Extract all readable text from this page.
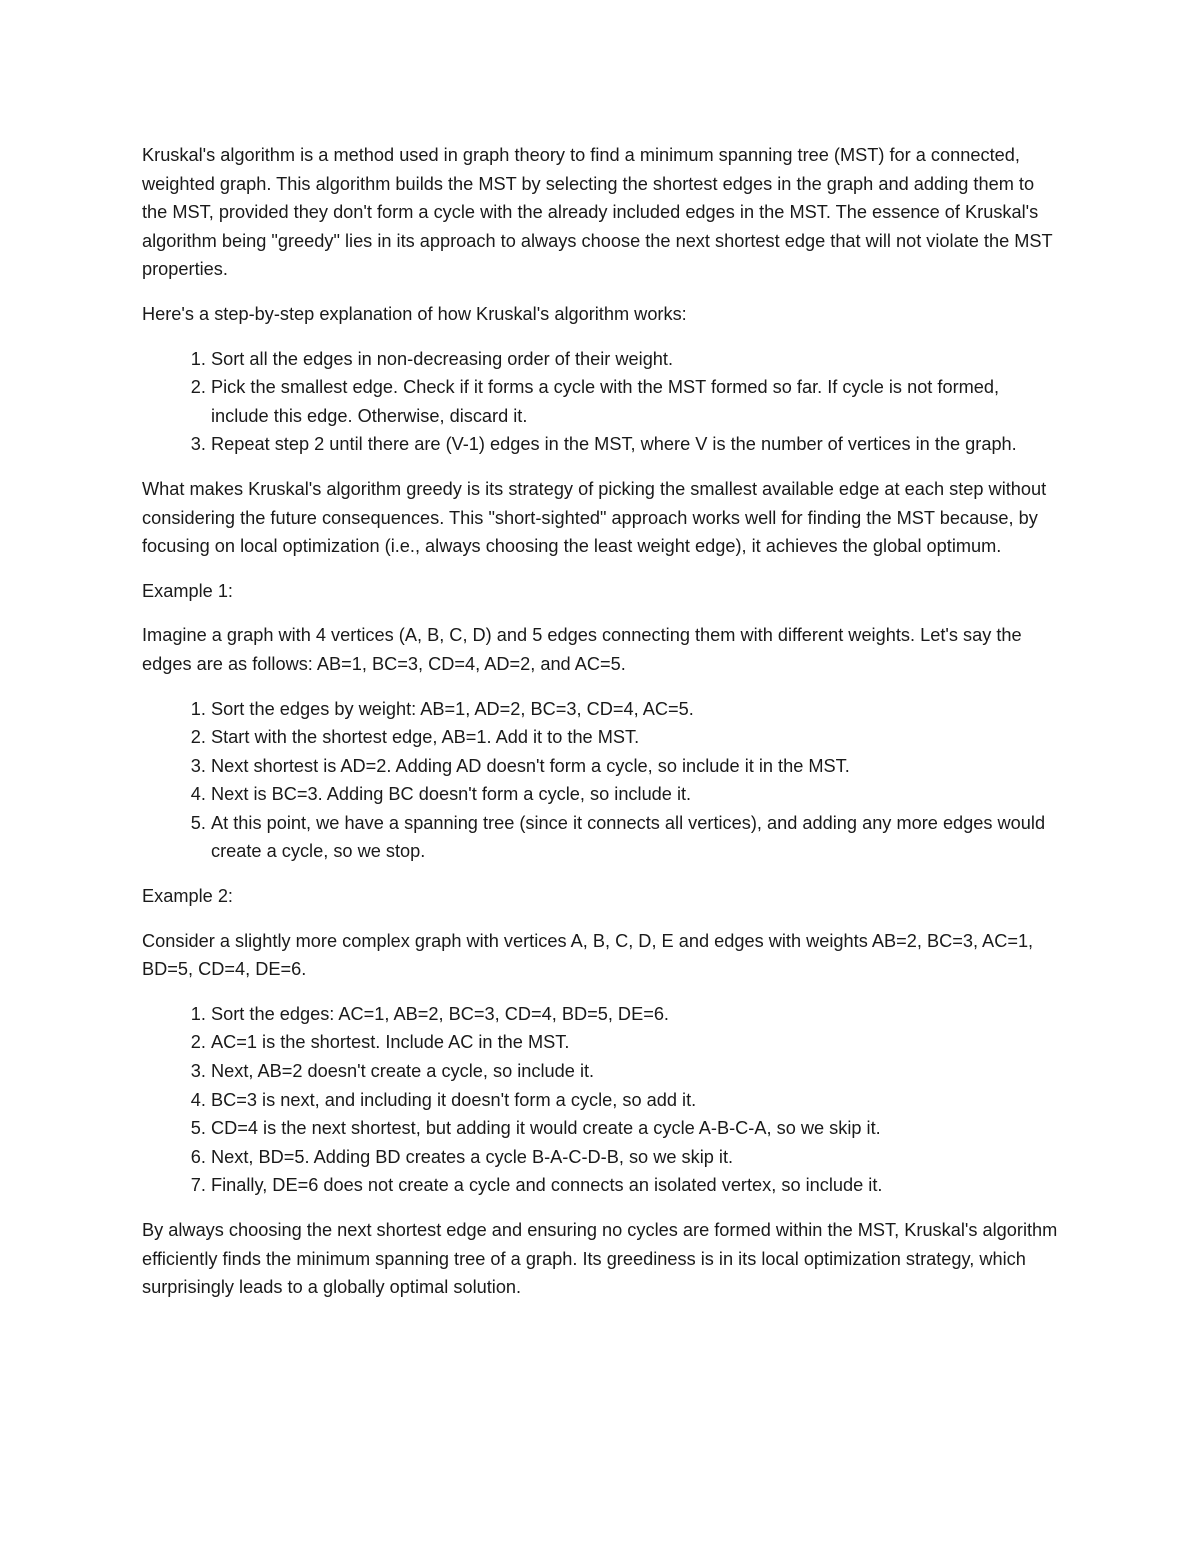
Kruskal's algorithm is a method used in graph theory to find a minimum spanning tree (MST) for a connected, weighted graph. This algorithm builds the MST by selecting the shortest edges in the graph and adding them to the MST, provided they don't form a cycle with the already included edges in the MST. The essence of Kruskal's algorithm being "greedy" lies in its approach to always choose the next shortest edge that will not violate the MST properties.

Here's a step-by-step explanation of how Kruskal's algorithm works:

1. Sort all the edges in non-decreasing order of their weight.
2. Pick the smallest edge. Check if it forms a cycle with the MST formed so far. If cycle is not formed, include this edge. Otherwise, discard it.
3. Repeat step 2 until there are (V-1) edges in the MST, where V is the number of vertices in the graph.

What makes Kruskal's algorithm greedy is its strategy of picking the smallest available edge at each step without considering the future consequences. This "short-sighted" approach works well for finding the MST because, by focusing on local optimization (i.e., always choosing the least weight edge), it achieves the global optimum.

Example 1:

Imagine a graph with 4 vertices (A, B, C, D) and 5 edges connecting them with different weights. Let's say the edges are as follows: AB=1, BC=3, CD=4, AD=2, and AC=5.

1. Sort the edges by weight: AB=1, AD=2, BC=3, CD=4, AC=5.
2. Start with the shortest edge, AB=1. Add it to the MST.
3. Next shortest is AD=2. Adding AD doesn't form a cycle, so include it in the MST.
4. Next is BC=3. Adding BC doesn't form a cycle, so include it.
5. At this point, we have a spanning tree (since it connects all vertices), and adding any more edges would create a cycle, so we stop.

Example 2:

Consider a slightly more complex graph with vertices A, B, C, D, E and edges with weights AB=2, BC=3, AC=1, BD=5, CD=4, DE=6.

1. Sort the edges: AC=1, AB=2, BC=3, CD=4, BD=5, DE=6.
2. AC=1 is the shortest. Include AC in the MST.
3. Next, AB=2 doesn't create a cycle, so include it.
4. BC=3 is next, and including it doesn't form a cycle, so add it.
5. CD=4 is the next shortest, but adding it would create a cycle A-B-C-A, so we skip it.
6. Next, BD=5. Adding BD creates a cycle B-A-C-D-B, so we skip it.
7. Finally, DE=6 does not create a cycle and connects an isolated vertex, so include it.

By always choosing the next shortest edge and ensuring no cycles are formed within the MST, Kruskal's algorithm efficiently finds the minimum spanning tree of a graph. Its greediness is in its local optimization strategy, which surprisingly leads to a globally optimal solution.
